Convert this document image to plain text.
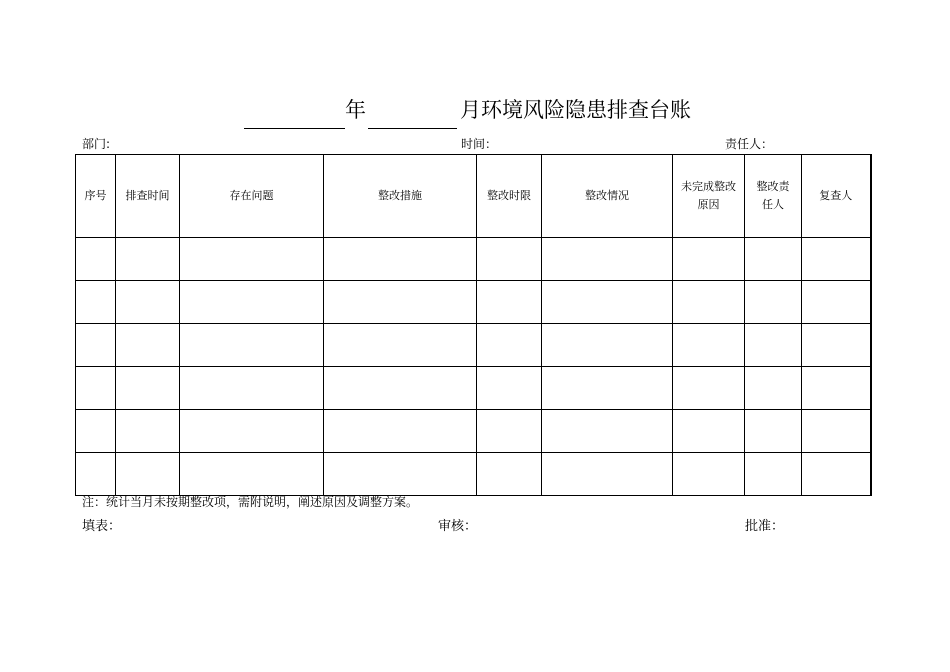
年	月环境风险隐患排查台账
部门:	时间：	责任人：
序号	排查时间	存在问题	整改措施	整改时限	整改情况	未完成整改原因	整改责任人	复查人

注：统计当月未按期整改项，需附说明，阐述原因及调整方案。
填表：	审核：	批准：
